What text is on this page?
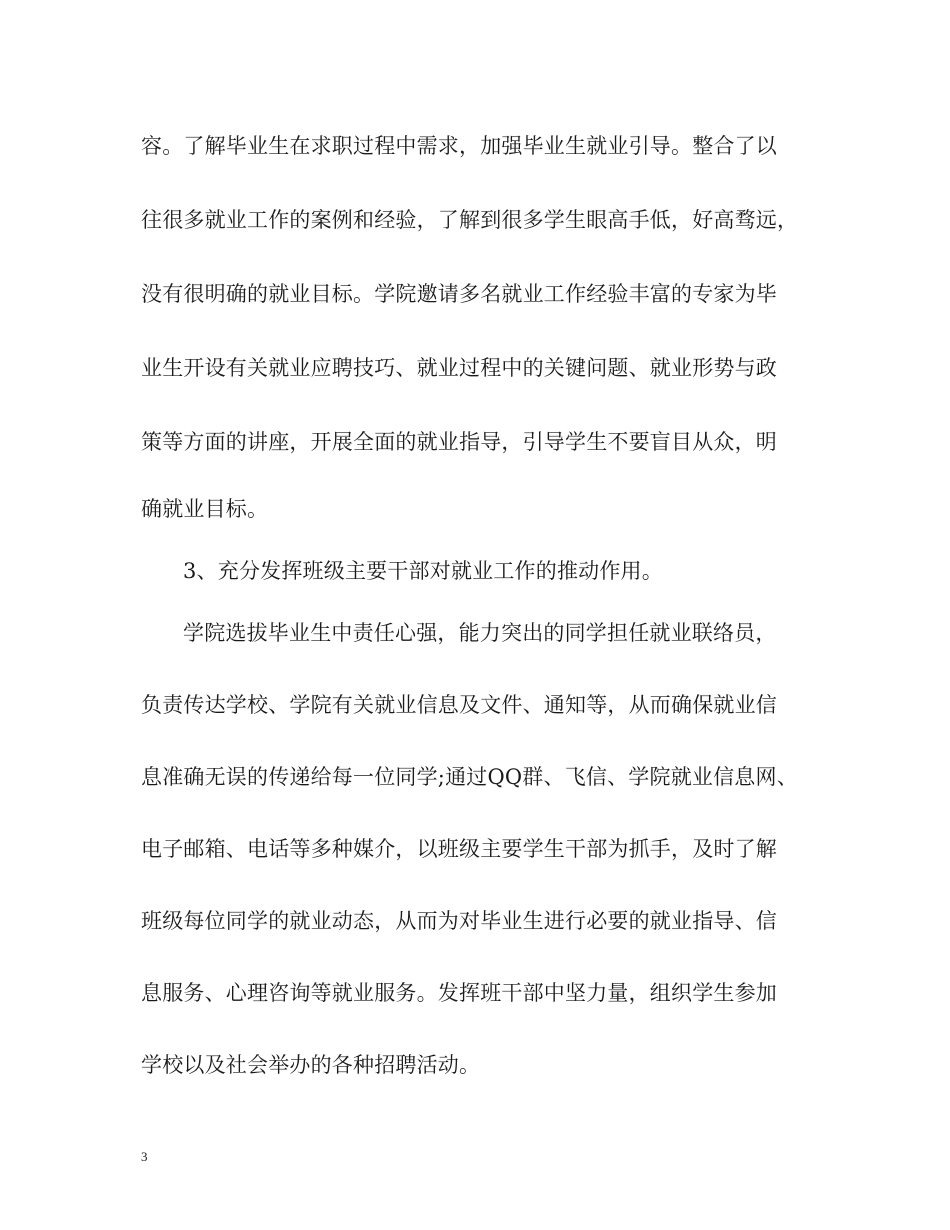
容。了解毕业生在求职过程中需求，加强毕业生就业引导。整合了以
往很多就业工作的案例和经验，了解到很多学生眼高手低，好高骛远，
没有很明确的就业目标。学院邀请多名就业工作经验丰富的专家为毕
业生开设有关就业应聘技巧、就业过程中的关键问题、就业形势与政
策等方面的讲座，开展全面的就业指导，引导学生不要盲目从众，明
确就业目标。
3、充分发挥班级主要干部对就业工作的推动作用。
学院选拔毕业生中责任心强，能力突出的同学担任就业联络员，
负责传达学校、学院有关就业信息及文件、通知等，从而确保就业信
息准确无误的传递给每一位同学;通过QQ群、飞信、学院就业信息网、
电子邮箱、电话等多种媒介，以班级主要学生干部为抓手，及时了解
班级每位同学的就业动态，从而为对毕业生进行必要的就业指导、信
息服务、心理咨询等就业服务。发挥班干部中坚力量，组织学生参加
学校以及社会举办的各种招聘活动。
3
